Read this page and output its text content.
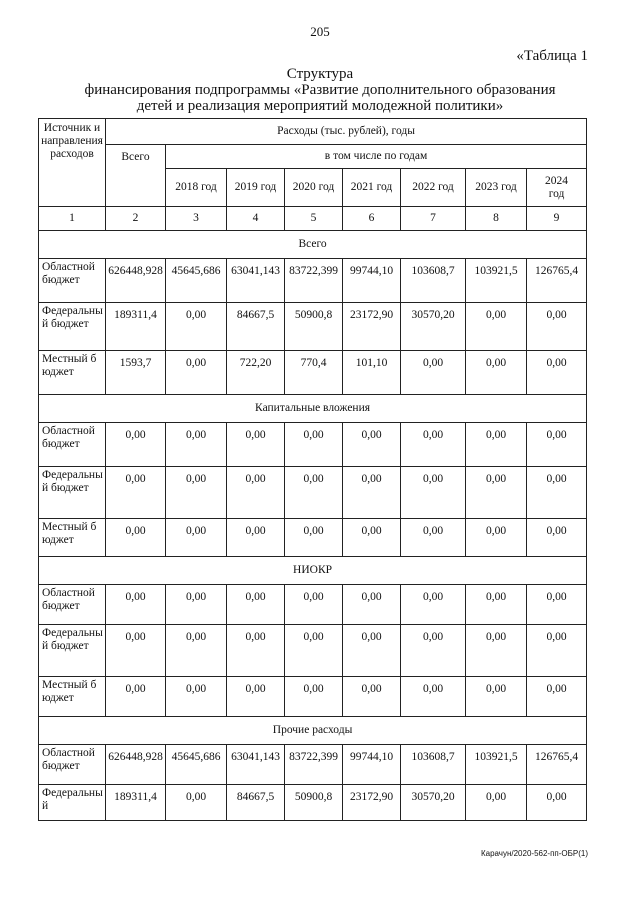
205
«Таблица 1
Структура
финансирования подпрограммы «Развитие дополнительного образования
детей и реализация мероприятий молодежной политики»
Источник и направления расходов	Расходы (тыс. рублей), годы							
	Всего	в том числе по годам						
		2018 год	2019 год	2020 год	2021 год	2022 год	2023 год	2024 год
1	2	3	4	5	6	7	8	9
Всего								
Областной бюджет	626448,928	45645,686	63041,143	83722,399	99744,10	103608,7	103921,5	126765,4
Федеральный бюджет	189311,4	0,00	84667,5	50900,8	23172,90	30570,20	0,00	0,00
Местный бюджет	1593,7	0,00	722,20	770,4	101,10	0,00	0,00	0,00
Капитальные вложения								
Областной бюджет	0,00	0,00	0,00	0,00	0,00	0,00	0,00	0,00
Федеральный бюджет	0,00	0,00	0,00	0,00	0,00	0,00	0,00	0,00
Местный бюджет	0,00	0,00	0,00	0,00	0,00	0,00	0,00	0,00
НИОКР								
Областной бюджет	0,00	0,00	0,00	0,00	0,00	0,00	0,00	0,00
Федеральный бюджет	0,00	0,00	0,00	0,00	0,00	0,00	0,00	0,00
Местный бюджет	0,00	0,00	0,00	0,00	0,00	0,00	0,00	0,00
Прочие расходы								
Областной бюджет	626448,928	45645,686	63041,143	83722,399	99744,10	103608,7	103921,5	126765,4
Федеральный	189311,4	0,00	84667,5	50900,8	23172,90	30570,20	0,00	0,00
Карачун/2020-562-пп-ОБР(1)
